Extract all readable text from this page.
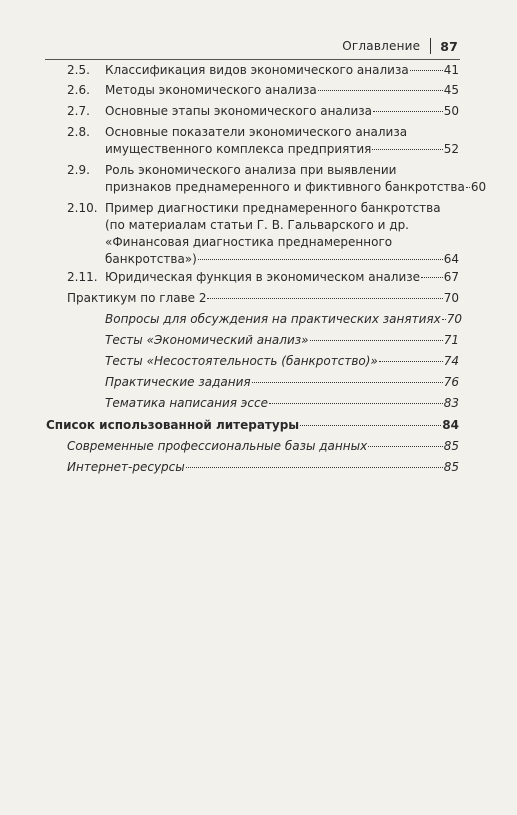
Оглавление 87
2.5. Классификация видов экономического анализа	41
2.6. Методы экономического анализа	45
2.7. Основные этапы экономического анализа	50
2.8. Основные показатели экономического анализа
имущественного комплекса предприятия	52
2.9. Роль экономического анализа при выявлении
признаков преднамеренного и фиктивного банкротства 60
2.10. Пример диагностики преднамеренного банкротства
(по материалам статьи Г. В. Гальварского и др.
«Финансовая диагностика преднамеренного
банкротства»)	64
2.11. Юридическая функция в экономическом анализе 67
Практикум по главе 2	70
Вопросы для обсуждения на практических занятиях 70
Тесты «Экономический анализ»	71
Тесты «Несостоятельность (банкротство)»	74
Практические задания	76
Тематика написания эссе	83
Список использованной литературы	84
Современные профессиональные базы данных	85
Интернет-ресурсы	85
